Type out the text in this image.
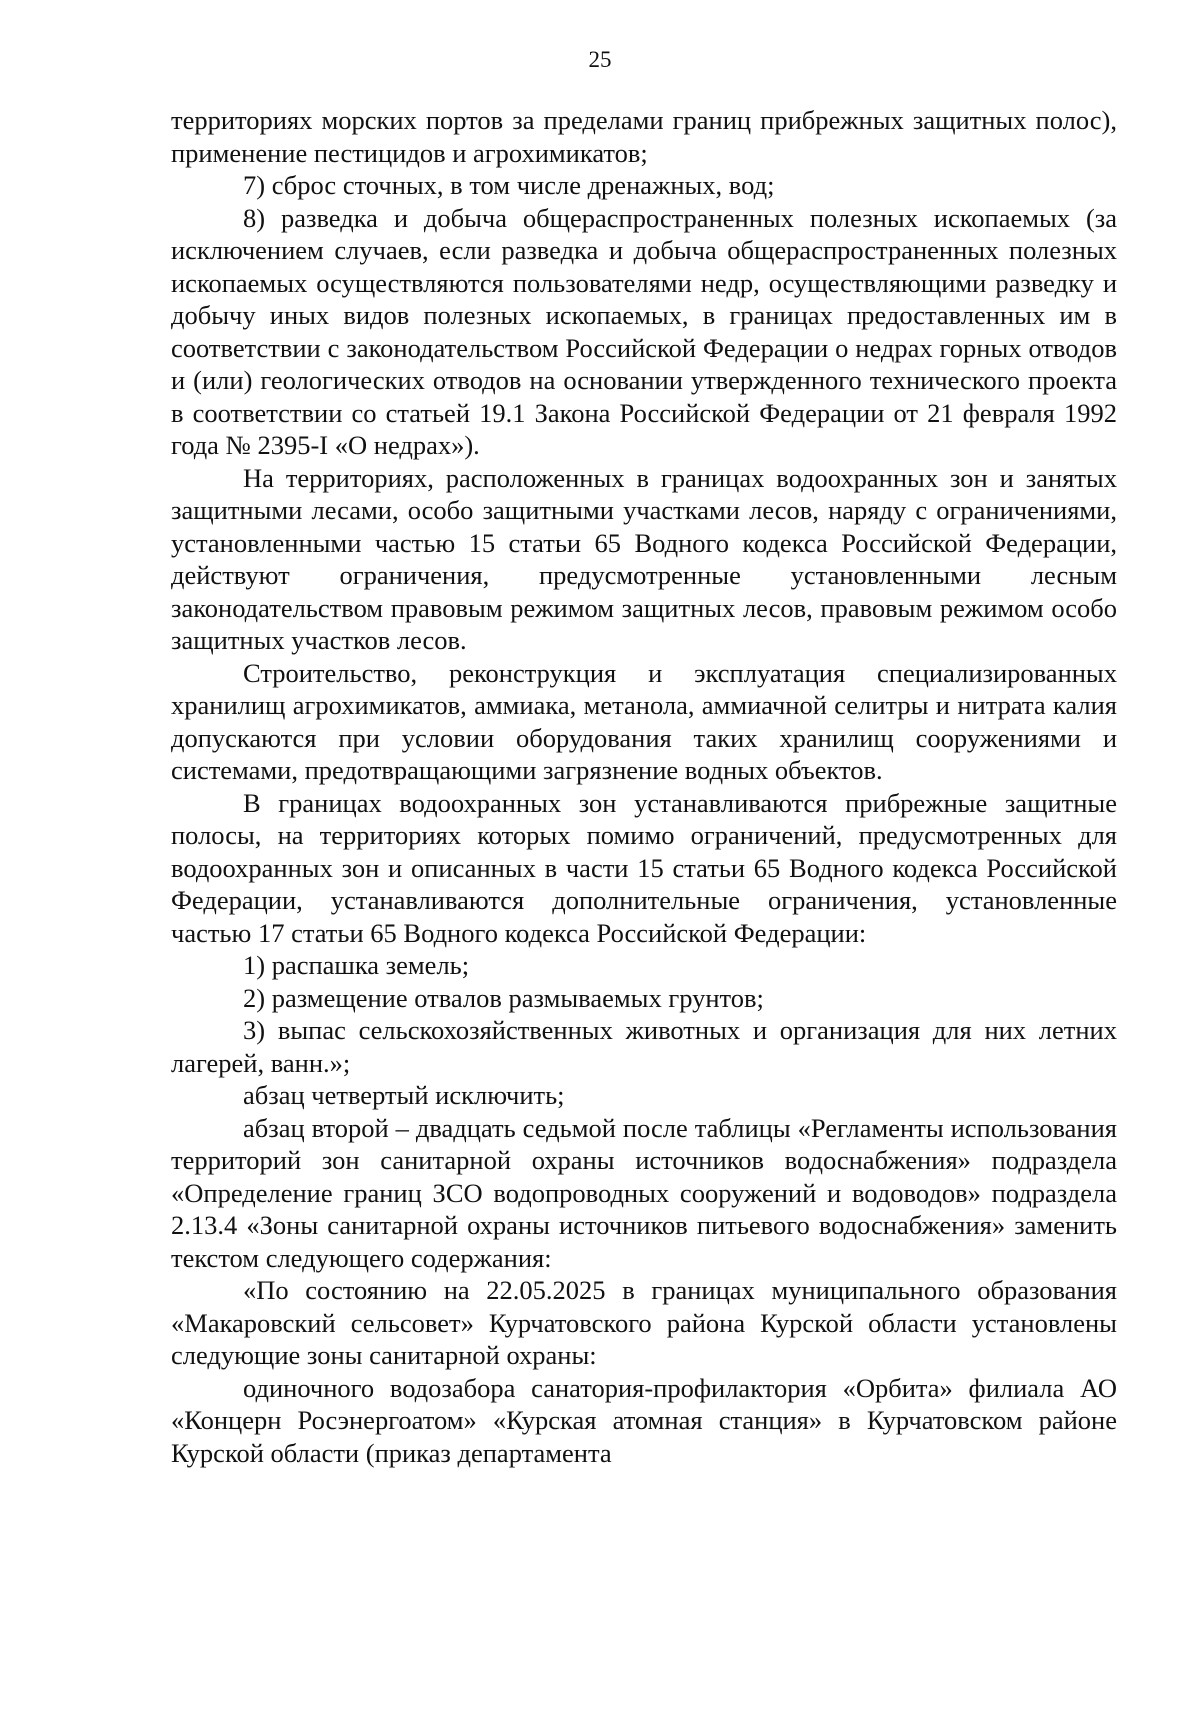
25

территориях морских портов за пределами границ прибрежных защитных полос), применение пестицидов и агрохимикатов;

7) сброс сточных, в том числе дренажных, вод;

8) разведка и добыча общераспространенных полезных ископаемых (за исключением случаев, если разведка и добыча общераспространенных полезных ископаемых осуществляются пользователями недр, осуществляющими разведку и добычу иных видов полезных ископаемых, в границах предоставленных им в соответствии с законодательством Российской Федерации о недрах горных отводов и (или) геологических отводов на основании утвержденного технического проекта в соответствии со статьей 19.1 Закона Российской Федерации от 21 февраля 1992 года № 2395-I «О недрах»).

На территориях, расположенных в границах водоохранных зон и занятых защитными лесами, особо защитными участками лесов, наряду с ограничениями, установленными частью 15 статьи 65 Водного кодекса Российской Федерации, действуют ограничения, предусмотренные установленными лесным законодательством правовым режимом защитных лесов, правовым режимом особо защитных участков лесов.

Строительство, реконструкция и эксплуатация специализированных хранилищ агрохимикатов, аммиака, метанола, аммиачной селитры и нитрата калия допускаются при условии оборудования таких хранилищ сооружениями и системами, предотвращающими загрязнение водных объектов.

В границах водоохранных зон устанавливаются прибрежные защитные полосы, на территориях которых помимо ограничений, предусмотренных для водоохранных зон и описанных в части 15 статьи 65 Водного кодекса Российской Федерации, устанавливаются дополнительные ограничения, установленные частью 17 статьи 65 Водного кодекса Российской Федерации:

1) распашка земель;

2) размещение отвалов размываемых грунтов;

3) выпас сельскохозяйственных животных и организация для них летних лагерей, ванн.»;

абзац четвертый исключить;

абзац второй – двадцать седьмой после таблицы «Регламенты использования территорий зон санитарной охраны источников водоснабжения» подраздела «Определение границ ЗСО водопроводных сооружений и водоводов» подраздела 2.13.4 «Зоны санитарной охраны источников питьевого водоснабжения» заменить текстом следующего содержания:

«По состоянию на 22.05.2025 в границах муниципального образования «Макаровский сельсовет» Курчатовского района Курской области установлены следующие зоны санитарной охраны:

одиночного водозабора санатория-профилактория «Орбита» филиала АО «Концерн Росэнергоатом» «Курская атомная станция» в Курчатовском районе Курской области (приказ департамента
